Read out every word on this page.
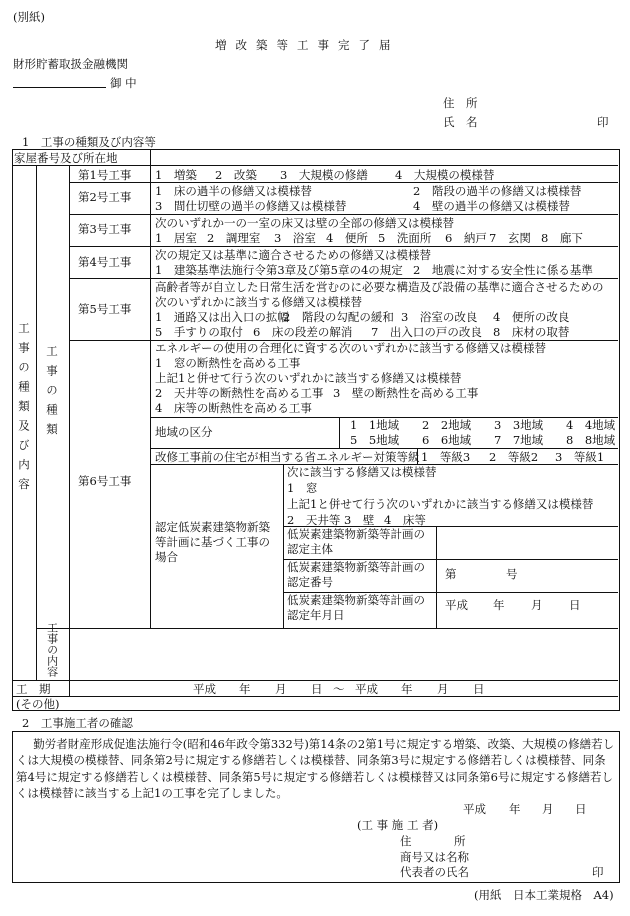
(別紙)
増改築等工事完了届
財形貯蓄取扱金融機関
御 中
住　所
氏　名	印
1　工事の種類及び内容等
家屋番号及び所在地
工事の種類及び内容 工事の種類
第1号工事 1　増築	2　改築	3　大規模の修繕	4　大規模の模様替
第2号工事 1　床の過半の修繕又は模様替	2　階段の過半の修繕又は模様替
3　間仕切壁の過半の修繕又は模様替	4　壁の過半の修繕又は模様替
第3号工事 次のいずれか一の一室の床又は壁の全部の修繕又は模様替
1　居室 2　調理室	3　浴室 4　便所 5　洗面所	6　納戸 7　玄関 8　廊下
第4号工事 次の規定又は基準に適合させるための修繕又は模様替
1　建築基準法施行令第3章及び第5章の4の規定 2　地震に対する安全性に係る基準
第5号工事
高齢者等が自立した日常生活を営むのに必要な構造及び設備の基準に適合させるための次のいずれかに該当する修繕又は模様替
1　通路又は出入口の拡幅
2　階段の勾配の緩和 3　浴室の改良	4　便所の改良
5　手すりの取付 6　床の段差の解消	7　出入口の戸の改良 8　床材の取替
第6号工事
エネルギーの使用の合理化に資する次のいずれかに該当する修繕又は模様替
1　窓の断熱性を高める工事
上記1と併せて行う次のいずれかに該当する修繕又は模様替
2　天井等の断熱性を高める工事 3　壁の断熱性を高める工事
4　床等の断熱性を高める工事
地域の区分	1　1地域	2　2地域	3　3地域	4　4地域
5　5地域	6　6地域	7　7地域	8　8地域
改修工事前の住宅が相当する省エネルギー対策等級 1　等級3	2　等級2	3　等級1
認定低炭素建築物新築等計画に基づく工事の場合
次に該当する修繕又は模様替
1　窓
上記1と併せて行う次のいずれかに該当する修繕又は模様替
2　天井等 3　壁 4　床等
低炭素建築物新築等計画の認定主体
低炭素建築物新築等計画の認定番号
第	号
低炭素建築物新築等計画の認定年月日
平成	年	月	日
工事の内容
工　期	平成	年	月	日 ～ 平成	年	月	日
(その他)
2　工事施工者の確認
勤労者財産形成促進法施行令(昭和46年政令第332号)第14条の2第1号に規定する増築、改築、大規模の修繕若しくは大規模の模様替、同条第2号に規定する修繕若しくは模様替、同条第3号に規定する修繕若しくは模様替、同条第4号に規定する修繕若しくは模様替、同条第5号に規定する修繕若しくは模様替又は同条第6号に規定する修繕若しくは模様替に該当する上記1の工事を完了しました。
平成	年	月	日
(工 事 施 工 者)
住　　　所
商号又は名称
代表者の氏名	印
(用紙　日本工業規格　A4)
